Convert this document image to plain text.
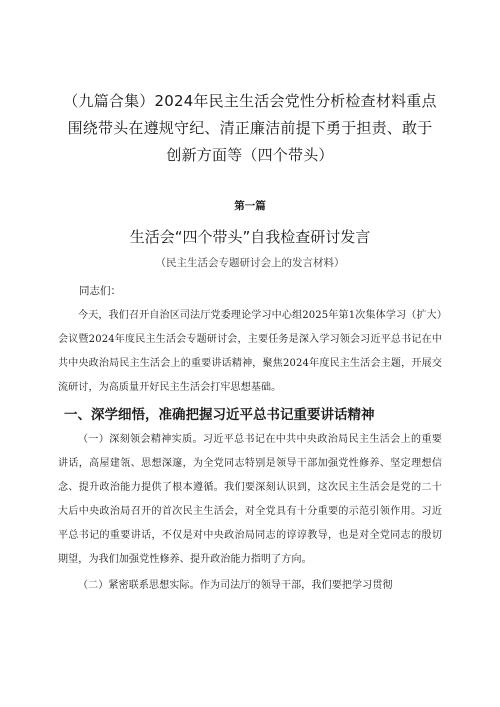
（九篇合集）2024年民主生活会党性分析检查材料重点
围绕带头在遵规守纪、清正廉洁前提下勇于担责、敢于
创新方面等（四个带头）
第一篇
生活会“四个带头”自我检查研讨发言
（民主生活会专题研讨会上的发言材料）
同志们：

今天，我们召开自治区司法厅党委理论学习中心组2025年第1次集体学习（扩大）会议暨2024年度民主生活会专题研讨会，主要任务是深入学习领会习近平总书记在中共中央政治局民主生活会上的重要讲话精神，聚焦2024年度民主生活会主题，开展交流研讨，为高质量开好民主生活会打牢思想基础。

一、深学细悟，准确把握习近平总书记重要讲话精神

（一）深刻领会精神实质。习近平总书记在中共中央政治局民主生活会上的重要讲话，高屋建瓴、思想深邃，为全党同志特别是领导干部加强党性修养、坚定理想信念、提升政治能力提供了根本遵循。我们要深刻认识到，这次民主生活会是党的二十大后中央政治局召开的首次民主生活会，对全党具有十分重要的示范引领作用。习近平总书记的重要讲话，不仅是对中央政治局同志的谆谆教导，也是对全党同志的殷切期望，为我们加强党性修养、提升政治能力指明了方向。

（二）紧密联系思想实际。作为司法厅的领导干部，我们要把学习贯彻
